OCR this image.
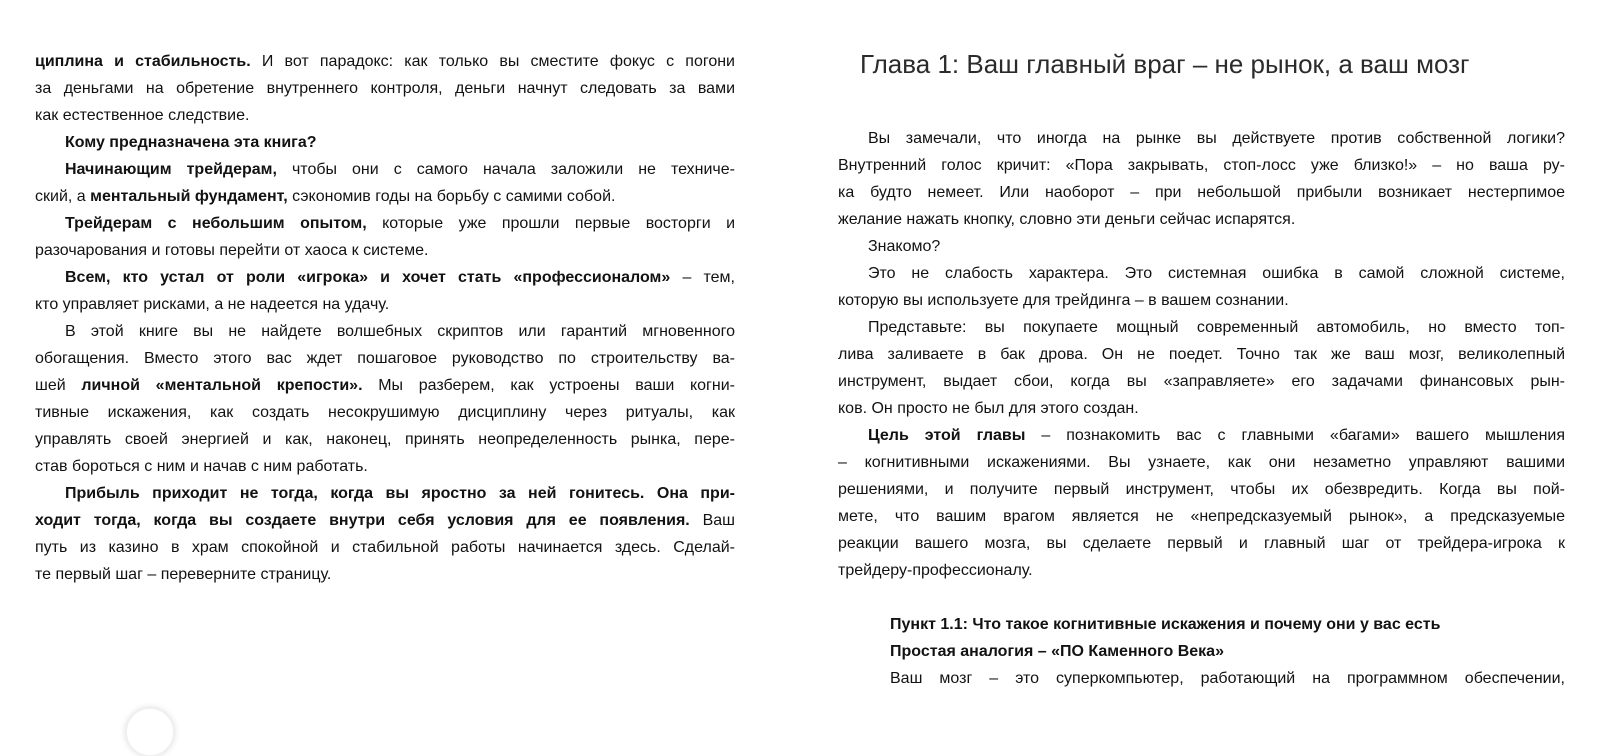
циплина и стабильность. И вот парадокс: как только вы сместите фокус с погони
за деньгами на обретение внутреннего контроля, деньги начнут следовать за вами
как естественное следствие.
Кому предназначена эта книга?
Начинающим трейдерам, чтобы они с самого начала заложили не техниче-
ский, а ментальный фундамент, сэкономив годы на борьбу с самими собой.
Трейдерам с небольшим опытом, которые уже прошли первые восторги и
разочарования и готовы перейти от хаоса к системе.
Всем, кто устал от роли «игрока» и хочет стать «профессионалом» – тем,
кто управляет рисками, а не надеется на удачу.
В этой книге вы не найдете волшебных скриптов или гарантий мгновенного
обогащения. Вместо этого вас ждет пошаговое руководство по строительству ва-
шей личной «ментальной крепости». Мы разберем, как устроены ваши когни-
тивные искажения, как создать несокрушимую дисциплину через ритуалы, как
управлять своей энергией и как, наконец, принять неопределенность рынка, пере-
став бороться с ним и начав с ним работать.
Прибыль приходит не тогда, когда вы яростно за ней гонитесь. Она при-
ходит тогда, когда вы создаете внутри себя условия для ее появления. Ваш
путь из казино в храм спокойной и стабильной работы начинается здесь. Сделай-
те первый шаг – переверните страницу.
Глава 1: Ваш главный враг – не рынок, а ваш мозг
Вы замечали, что иногда на рынке вы действуете против собственной логики?
Внутренний голос кричит: «Пора закрывать, стоп-лосс уже близко!» – но ваша ру-
ка будто немеет. Или наоборот – при небольшой прибыли возникает нестерпимое
желание нажать кнопку, словно эти деньги сейчас испарятся.
Знакомо?
Это не слабость характера. Это системная ошибка в самой сложной системе,
которую вы используете для трейдинга – в вашем сознании.
Представьте: вы покупаете мощный современный автомобиль, но вместо топ-
лива заливаете в бак дрова. Он не поедет. Точно так же ваш мозг, великолепный
инструмент, выдает сбои, когда вы «заправляете» его задачами финансовых рын-
ков. Он просто не был для этого создан.
Цель этой главы – познакомить вас с главными «багами» вашего мышления
– когнитивными искажениями. Вы узнаете, как они незаметно управляют вашими
решениями, и получите первый инструмент, чтобы их обезвредить. Когда вы пой-
мете, что вашим врагом является не «непредсказуемый рынок», а предсказуемые
реакции вашего мозга, вы сделаете первый и главный шаг от трейдера-игрока к
трейдеру-профессионалу.

Пункт 1.1: Что такое когнитивные искажения и почему они у вас есть
Простая аналогия – «ПО Каменного Века»
Ваш мозг – это суперкомпьютер, работающий на программном обеспечении,
